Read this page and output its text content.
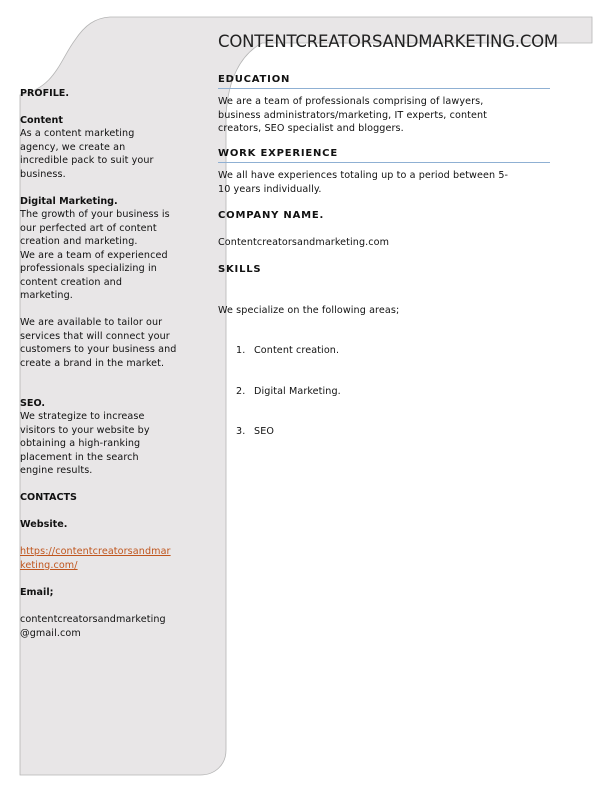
CONTENTCREATORSANDMARKETING.COM
PROFILE.
Content
As a content marketing
agency, we create an
incredible pack to suit your
business.
Digital Marketing.
The growth of your business is
our perfected art of content
creation and marketing.
We are a team of experienced
professionals specializing in
content creation and
marketing.
We are available to tailor our
services that will connect your
customers to your business and
create a brand in the market.
SEO.
We strategize to increase
visitors to your website by
obtaining a high-ranking
placement in the search
engine results.
CONTACTS
Website.
https://contentcreatorsandmar
keting.com/
Email;
contentcreatorsandmarketing
@gmail.com
EDUCATION
We are a team of professionals comprising of lawyers,
business administrators/marketing, IT experts, content
creators, SEO specialist and bloggers.
WORK EXPERIENCE
We all have experiences totaling up to a period between 5-
10 years individually.
COMPANY NAME.
Contentcreatorsandmarketing.com
SKILLS
We specialize on the following areas;

1. Content creation.

2. Digital Marketing.

3. SEO
